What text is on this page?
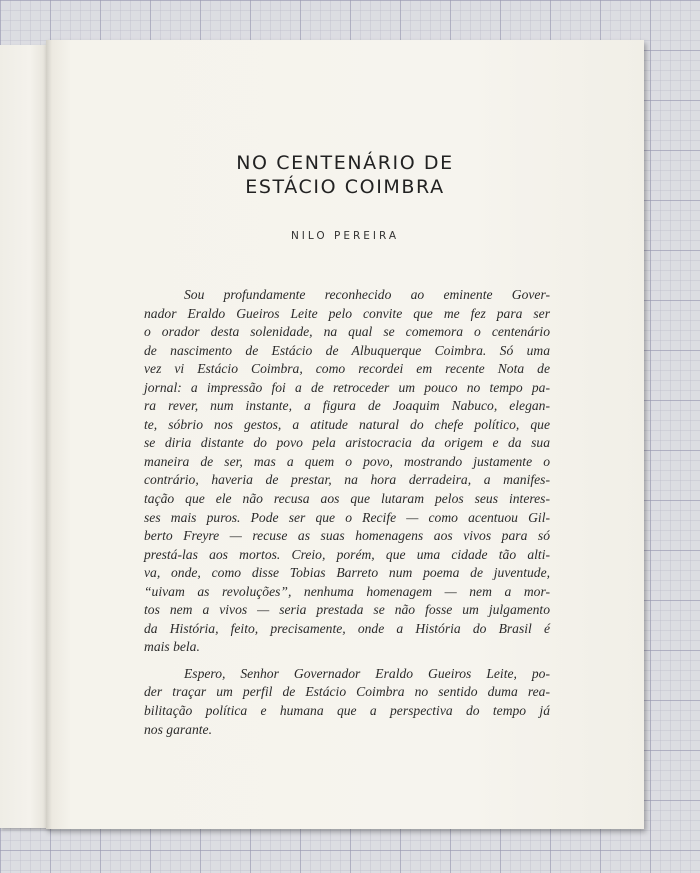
NO CENTENÁRIO DE
ESTÁCIO COIMBRA
NILO PEREIRA
Sou profundamente reconhecido ao eminente Gover-
nador Eraldo Gueiros Leite pelo convite que me fez para ser
o orador desta solenidade, na qual se comemora o centenário
de nascimento de Estácio de Albuquerque Coimbra. Só uma
vez vi Estácio Coimbra, como recordei em recente Nota de
jornal: a impressão foi a de retroceder um pouco no tempo pa-
ra rever, num instante, a figura de Joaquim Nabuco, elegan-
te, sóbrio nos gestos, a atitude natural do chefe político, que
se diria distante do povo pela aristocracia da origem e da sua
maneira de ser, mas a quem o povo, mostrando justamente o
contrário, haveria de prestar, na hora derradeira, a manifes-
tação que ele não recusa aos que lutaram pelos seus interes-
ses mais puros. Pode ser que o Recife — como acentuou Gil-
berto Freyre — recuse as suas homenagens aos vivos para só
prestá-las aos mortos. Creio, porém, que uma cidade tão alti-
va, onde, como disse Tobias Barreto num poema de juventude,
“uivam as revoluções”, nenhuma homenagem — nem a mor-
tos nem a vivos — seria prestada se não fosse um julgamento
da História, feito, precisamente, onde a História do Brasil é
mais bela.
Espero, Senhor Governador Eraldo Gueiros Leite, po-
der traçar um perfil de Estácio Coimbra no sentido duma rea-
bilitação política e humana que a perspectiva do tempo já
nos garante.
